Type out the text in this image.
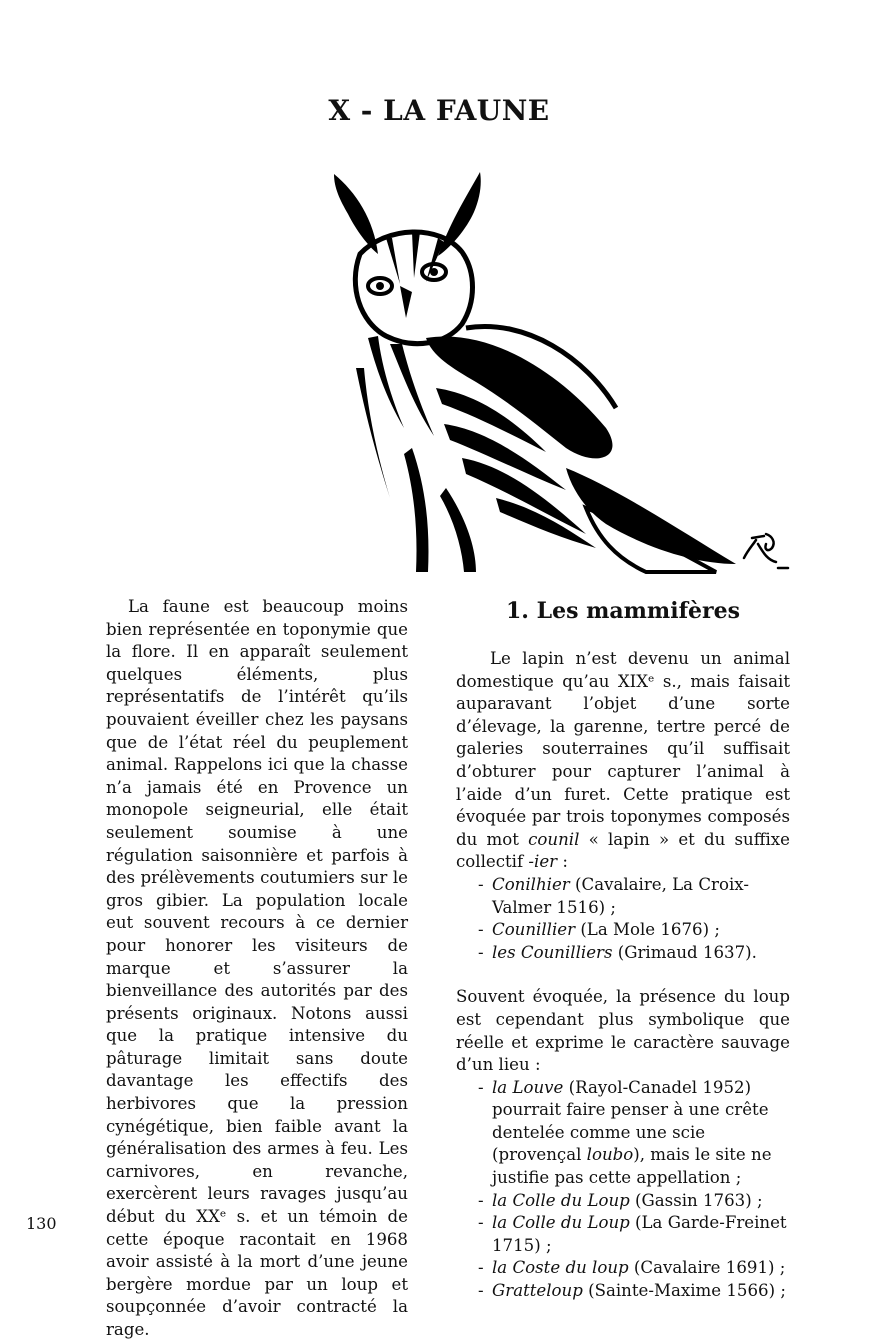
X - LA FAUNE

La faune est beaucoup moins bien représentée en toponymie que la flore. Il en apparaît seulement quelques éléments, plus représentatifs de l’intérêt qu’ils pouvaient éveiller chez les paysans que de l’état réel du peuplement animal. Rappelons ici que la chasse n’a jamais été en Provence un monopole seigneurial, elle était seulement soumise à une régulation saisonnière et parfois à des prélèvements coutumiers sur le gros gibier. La population locale eut souvent recours à ce dernier pour honorer les visiteurs de marque et s’assurer la bienveillance des autorités par des présents originaux. Notons aussi que la pratique intensive du pâturage limitait sans doute davantage les effectifs des herbivores que la pression cynégétique, bien faible avant la généralisation des armes à feu. Les carnivores, en revanche, exercèrent leurs ravages jusqu’au début du XXᵉ s. et un témoin de cette époque racontait en 1968 avoir assisté à la mort d’une jeune bergère mordue par un loup et soupçonnée d’avoir contracté la rage.

1. Les mammifères

Le lapin n’est devenu un animal domestique qu’au XIXᵉ s., mais faisait auparavant l’objet d’une sorte d’élevage, la garenne, tertre percé de galeries souterraines qu’il suffisait d’obturer pour capturer l’animal à l’aide d’un furet. Cette pratique est évoquée par trois toponymes composés du mot counil « lapin » et du suffixe collectif -ier :

- Conilhier (Cavalaire, La Croix-Valmer 1516) ;
- Counillier (La Mole 1676) ;
- les Counilliers (Grimaud 1637).

Souvent évoquée, la présence du loup est cependant plus symbolique que réelle et exprime le caractère sauvage d’un lieu :

- la Louve (Rayol-Canadel 1952) pourrait faire penser à une crête dentelée comme une scie (provençal loubo), mais le site ne justifie pas cette appellation ;
- la Colle du Loup (Gassin 1763) ;
- la Colle du Loup (La Garde-Freinet 1715) ;
- la Coste du loup (Cavalaire 1691) ;
- Gratteloup (Sainte-Maxime 1566) ;
130
